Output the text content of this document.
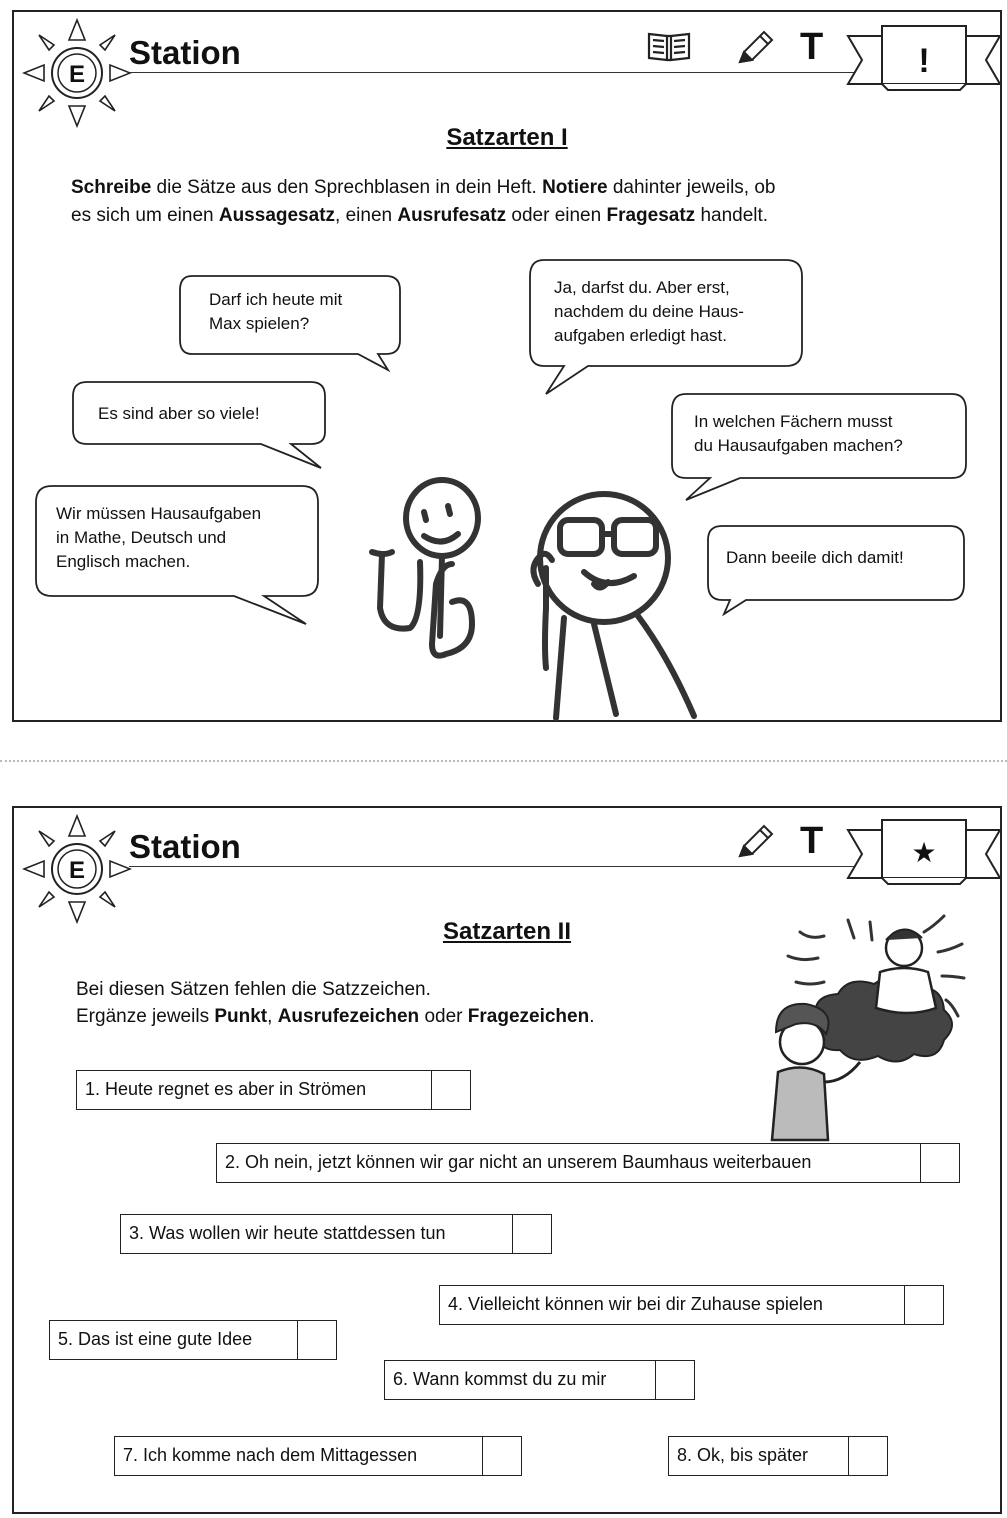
E
Station	T	!
Satzarten I
Schreibe die Sätze aus den Sprechblasen in dein Heft. Notiere dahinter jeweils, ob
es sich um einen Aussagesatz, einen Ausrufesatz oder einen Fragesatz handelt.
Darf ich heute mit
Max spielen?
Ja, darfst du. Aber erst,
nachdem du deine Haus-
aufgaben erledigt hast.
Es sind aber so viele!	In welchen Fächern musst
du Hausaufgaben machen?
Wir müssen Hausaufgaben
in Mathe, Deutsch und
Englisch machen.	Dann beeile dich damit!
E
Station	T	★
Satzarten II
Bei diesen Sätzen fehlen die Satzzeichen.
Ergänze jeweils Punkt, Ausrufezeichen oder Fragezeichen.
1. Heute regnet es aber in Strömen
2. Oh nein, jetzt können wir gar nicht an unserem Baumhaus weiterbauen
3. Was wollen wir heute stattdessen tun
4. Vielleicht können wir bei dir Zuhause spielen
5. Das ist eine gute Idee
6. Wann kommst du zu mir
7. Ich komme nach dem Mittagessen	8. Ok, bis später
